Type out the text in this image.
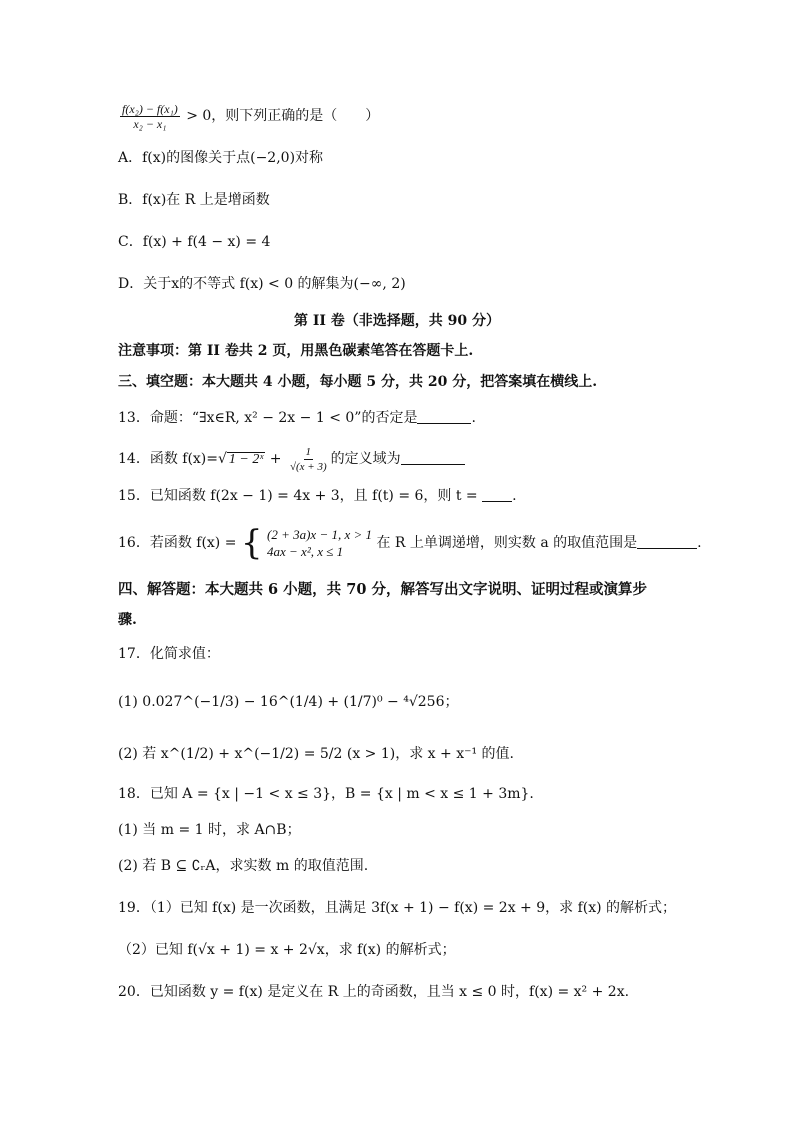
$\frac{\text{f(x₂) − f(x₁)}}{\text{x₂ − x₁}} > 0$，则下列正确的是（　　）
A．f(x)的图像关于点(−2,0)对称
B．f(x)在 R 上是增函数
C．f(x) + f(4 − x) = 4
D．关于x的不等式 f(x) < 0 的解集为(−∞, 2)
第 II 卷（非选择题，共 90 分）
注意事项：第 II 卷共 2 页，用黑色碳素笔答在答题卡上.
三、填空题：本大题共 4 小题，每小题 5 分，共 20 分，把答案填在横线上.
13．命题：“∃x∈R, x² − 2x − 1 < 0”的否定是	.
14．函数 f(x)=√ 1 − 2ˣ + $\frac{1}{√(x + 3)}$ 的定义域为
15．已知函数 f(2x − 1) = 4x + 3，且 f(t) = 6，则 t = .
16．若函数 f(x) = { (2 + 3a)x − 1, x > 1
4ax − x², x ≤ 1
在 R 上单调递增，则实数 a 的取值范围是	.
四、解答题：本大题共 6 小题，共 70 分，解答写出文字说明、证明过程或演算步
骤.
17．化简求值：
(1) 0.027^(−1/3) − 16^(1/4) + (1/7)⁰ − ⁴√256；
(2) 若 x^(1/2) + x^(−1/2) = 5/2 (x > 1)，求 x + x⁻¹ 的值.
18．已知 A = {x | −1 < x ≤ 3}，B = {x | m < x ≤ 1 + 3m}.
(1) 当 m = 1 时，求 A∩B；
(2) 若 B ⊆ ∁ᵣA，求实数 m 的取值范围.
19．（1）已知 f(x) 是一次函数，且满足 3f(x + 1) − f(x) = 2x + 9，求 f(x) 的解析式；
（2）已知 f(√x + 1) = x + 2√x，求 f(x) 的解析式；
20．已知函数 y = f(x) 是定义在 R 上的奇函数，且当 x ≤ 0 时，f(x) = x² + 2x.
